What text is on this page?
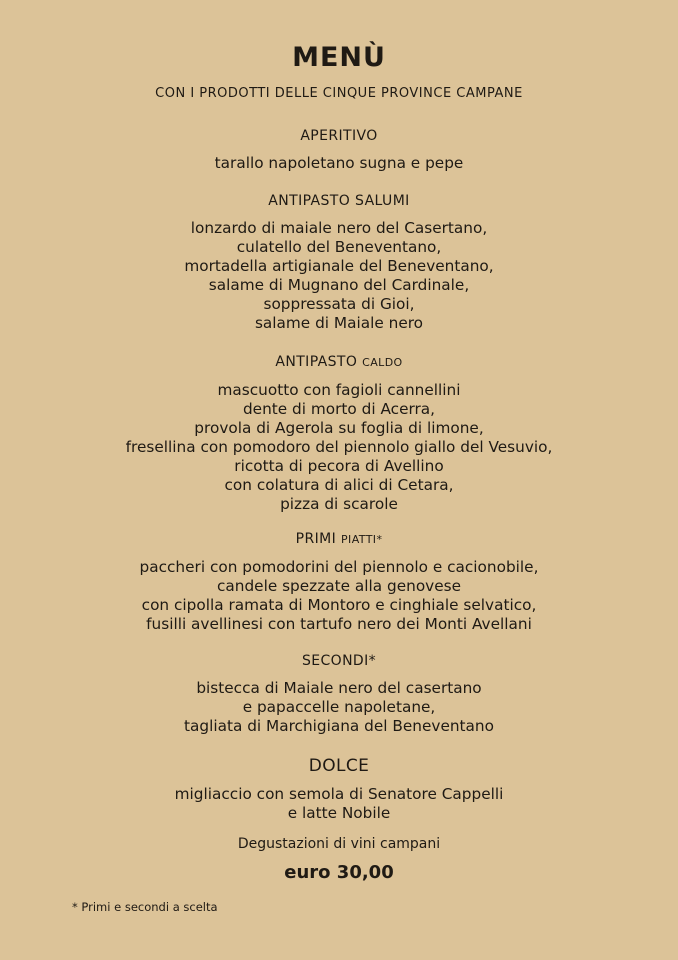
MENÙ
CON I PRODOTTI DELLE CINQUE PROVINCE CAMPANE
APERITIVO
tarallo napoletano sugna e pepe
ANTIPASTO SALUMI
lonzardo di maiale nero del Casertano,
culatello del Beneventano,
mortadella artigianale del Beneventano,
salame di Mugnano del Cardinale,
soppressata di Gioi,
salame di Maiale nero
ANTIPASTO CALDO
mascuotto con fagioli cannellini
dente di morto di Acerra,
provola di Agerola su foglia di limone,
fresellina con pomodoro del piennolo giallo del Vesuvio,
ricotta di pecora di Avellino
con colatura di alici di Cetara,
pizza di scarole
PRIMI PIATTI*
paccheri con pomodorini del piennolo e cacionobile,
candele spezzate alla genovese
con cipolla ramata di Montoro e cinghiale selvatico,
fusilli avellinesi con tartufo nero dei Monti Avellani
SECONDI*
bistecca di Maiale nero del casertano
e papaccelle napoletane,
tagliata di Marchigiana del Beneventano
DOLCE
migliaccio con semola di Senatore Cappelli
e latte Nobile
Degustazioni di vini campani
euro 30,00
* Primi e secondi a scelta
